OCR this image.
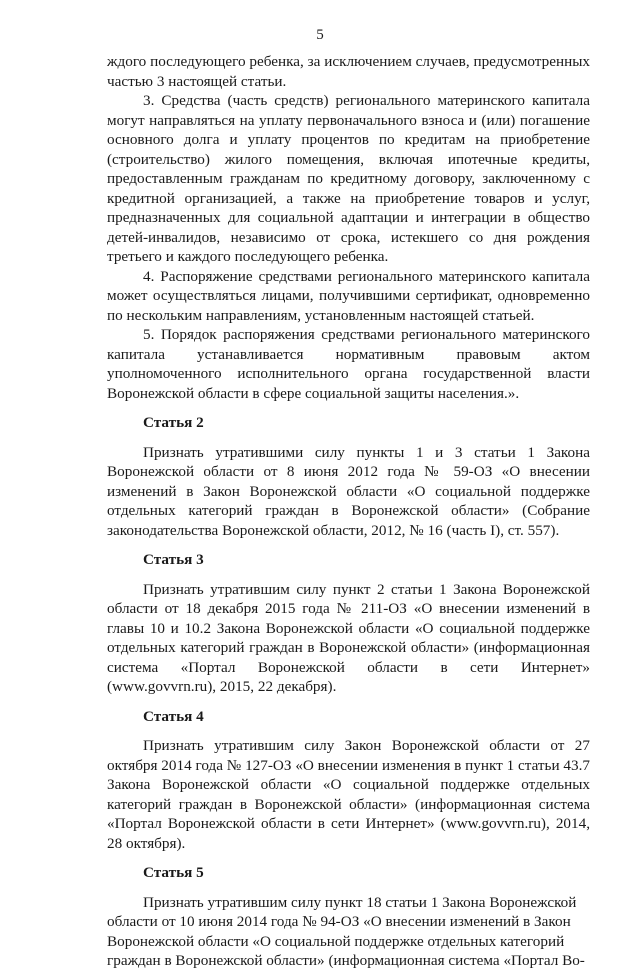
5

ждого последующего ребенка, за исключением случаев, предусмотренных частью 3 настоящей статьи.

3. Средства (часть средств) регионального материнского капитала могут направляться на уплату первоначального взноса и (или) погашение основного долга и уплату процентов по кредитам на приобретение (строительство) жилого помещения, включая ипотечные кредиты, предоставленным гражданам по кредитному договору, заключенному с кредитной организацией, а также на приобретение товаров и услуг, предназначенных для социальной адаптации и интеграции в общество детей-инвалидов, независимо от срока, истекшего со дня рождения третьего и каждого последующего ребенка.

4. Распоряжение средствами регионального материнского капитала может осуществляться лицами, получившими сертификат, одновременно по нескольким направлениям, установленным настоящей статьей.

5. Порядок распоряжения средствами регионального материнского капитала устанавливается нормативным правовым актом уполномоченного исполнительного органа государственной власти Воронежской области в сфере социальной защиты населения.».

Статья 2

Признать утратившими силу пункты 1 и 3 статьи 1 Закона Воронежской области от 8 июня 2012 года № 59-ОЗ «О внесении изменений в Закон Воронежской области «О социальной поддержке отдельных категорий граждан в Воронежской области» (Собрание законодательства Воронежской области, 2012, № 16 (часть I), ст. 557).

Статья 3

Признать утратившим силу пункт 2 статьи 1 Закона Воронежской области от 18 декабря 2015 года № 211-ОЗ «О внесении изменений в главы 10 и 10.2 Закона Воронежской области «О социальной поддержке отдельных категорий граждан в Воронежской области» (информационная система «Портал Воронежской области в сети Интернет» (www.govvrn.ru), 2015, 22 декабря).

Статья 4

Признать утратившим силу Закон Воронежской области от 27 октября 2014 года № 127-ОЗ «О внесении изменения в пункт 1 статьи 43.7 Закона Воронежской области «О социальной поддержке отдельных категорий граждан в Воронежской области» (информационная система «Портал Воронежской области в сети Интернет» (www.govvrn.ru), 2014, 28 октября).

Статья 5

Признать утратившим силу пункт 18 статьи 1 Закона Воронежской области от 10 июня 2014 года № 94-ОЗ «О внесении изменений в Закон Воронежской области «О социальной поддержке отдельных категорий граждан в Воронежской области» (информационная система «Портал Во-
